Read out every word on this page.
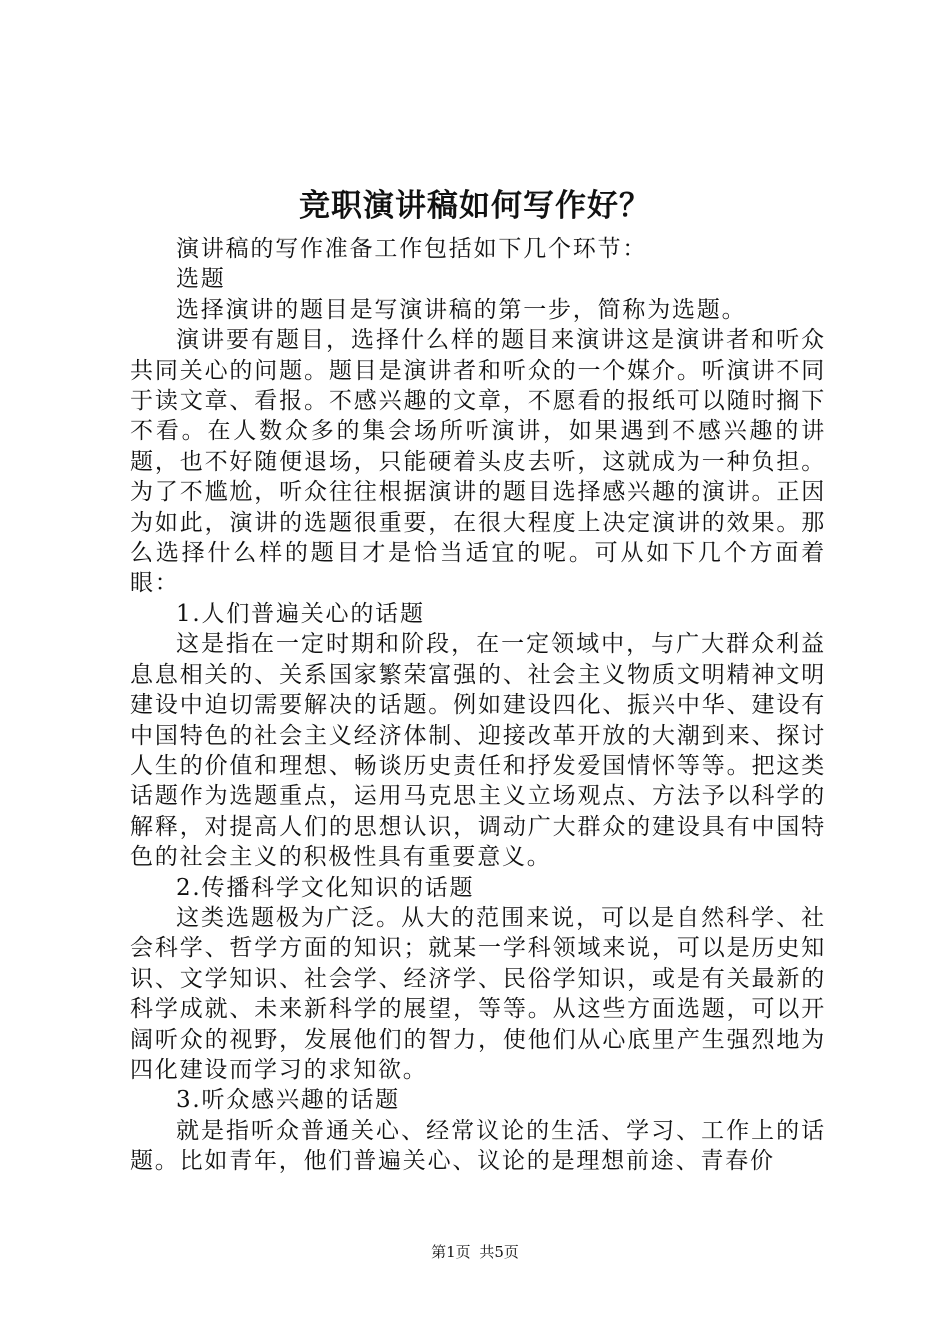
竞职演讲稿如何写作好？

演讲稿的写作准备工作包括如下几个环节：

选题

选择演讲的题目是写演讲稿的第一步，简称为选题。

演讲要有题目，选择什么样的题目来演讲这是演讲者和听众共同关心的问题。题目是演讲者和听众的一个媒介。听演讲不同于读文章、看报。不感兴趣的文章，不愿看的报纸可以随时搁下不看。在人数众多的集会场所听演讲，如果遇到不感兴趣的讲题，也不好随便退场，只能硬着头皮去听，这就成为一种负担。为了不尴尬，听众往往根据演讲的题目选择感兴趣的演讲。正因为如此，演讲的选题很重要，在很大程度上决定演讲的效果。那么选择什么样的题目才是恰当适宜的呢。可从如下几个方面着眼：

1.人们普遍关心的话题

这是指在一定时期和阶段，在一定领域中，与广大群众利益息息相关的、关系国家繁荣富强的、社会主义物质文明精神文明建设中迫切需要解决的话题。例如建设四化、振兴中华、建设有中国特色的社会主义经济体制、迎接改革开放的大潮到来、探讨人生的价值和理想、畅谈历史责任和抒发爱国情怀等等。把这类话题作为选题重点，运用马克思主义立场观点、方法予以科学的解释，对提高人们的思想认识，调动广大群众的建设具有中国特色的社会主义的积极性具有重要意义。

2.传播科学文化知识的话题

这类选题极为广泛。从大的范围来说，可以是自然科学、社会科学、哲学方面的知识；就某一学科领域来说，可以是历史知识、文学知识、社会学、经济学、民俗学知识，或是有关最新的科学成就、未来新科学的展望，等等。从这些方面选题，可以开阔听众的视野，发展他们的智力，使他们从心底里产生强烈地为四化建设而学习的求知欲。

3.听众感兴趣的话题

就是指听众普通关心、经常议论的生活、学习、工作上的话题。比如青年，他们普遍关心、议论的是理想前途、青春价

第1页 共5页
